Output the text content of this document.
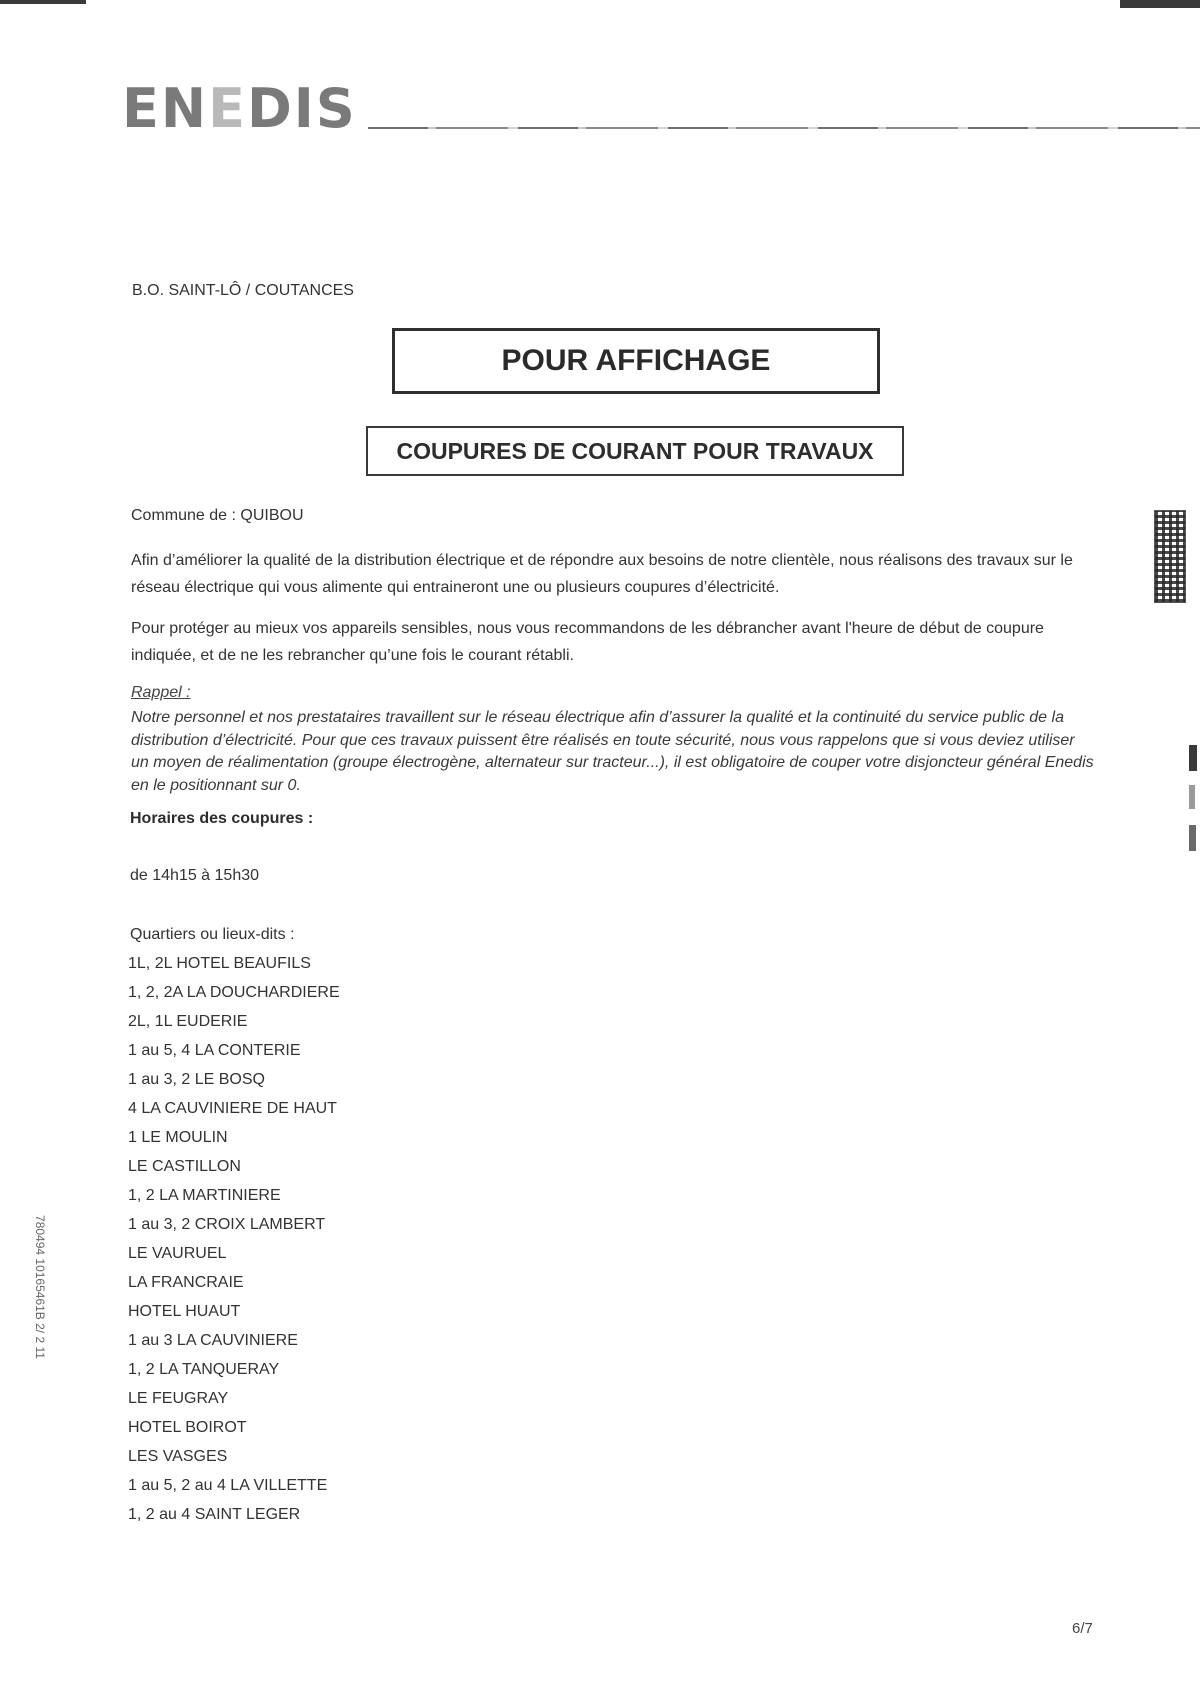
ENEDIS
B.O. SAINT-LÔ / COUTANCES
POUR AFFICHAGE
COUPURES DE COURANT POUR TRAVAUX
Commune de : QUIBOU
Afin d’améliorer la qualité de la distribution électrique et de répondre aux besoins de notre clientèle, nous réalisons des travaux sur le réseau électrique qui vous alimente qui entraineront une ou plusieurs coupures d’électricité.
Pour protéger au mieux vos appareils sensibles, nous vous recommandons de les débrancher avant l'heure de début de coupure indiquée, et de ne les rebrancher qu’une fois le courant rétabli.
Rappel :
Notre personnel et nos prestataires travaillent sur le réseau électrique afin d’assurer la qualité et la continuité du service public de la distribution d’électricité. Pour que ces travaux puissent être réalisés en toute sécurité, nous vous rappelons que si vous deviez utiliser un moyen de réalimentation (groupe électrogène, alternateur sur tracteur...), il est obligatoire de couper votre disjoncteur général Enedis en le positionnant sur 0.
Horaires des coupures :
de 14h15 à 15h30
Quartiers ou lieux-dits :
1L, 2L HOTEL BEAUFILS
1, 2, 2A LA DOUCHARDIERE
2L, 1L EUDERIE
1 au 5, 4 LA CONTERIE
1 au 3, 2 LE BOSQ
4 LA CAUVINIERE DE HAUT
1 LE MOULIN
LE CASTILLON
1, 2 LA MARTINIERE
1 au 3, 2 CROIX LAMBERT
LE VAURUEL
LA FRANCRAIE
HOTEL HUAUT
1 au 3 LA CAUVINIERE
1, 2 LA TANQUERAY
LE FEUGRAY
HOTEL BOIROT
LES VASGES
1 au 5, 2 au 4 LA VILLETTE
1, 2 au 4 SAINT LEGER
780494 10165461B 2/ 2 11
6/7
